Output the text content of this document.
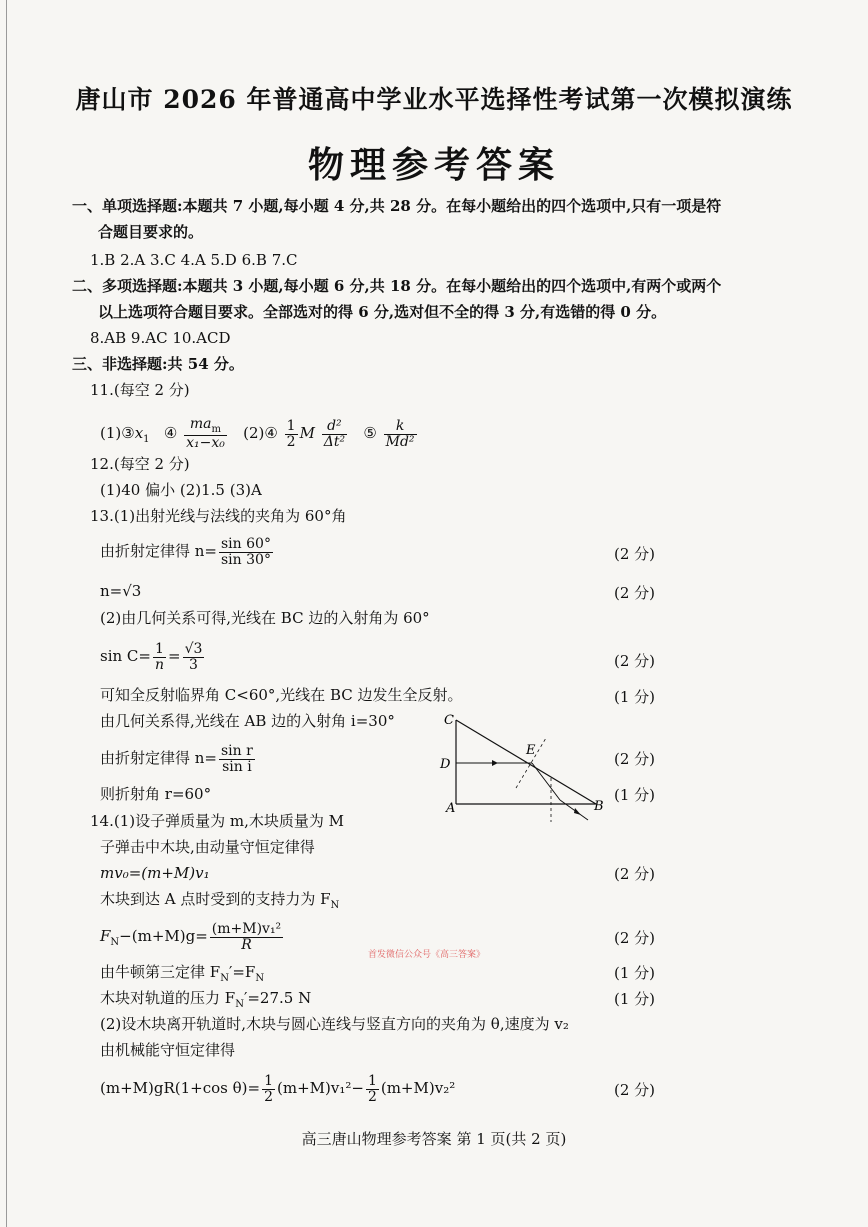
唐山市 2026 年普通高中学业水平选择性考试第一次模拟演练
物理参考答案
一、单项选择题:本题共 7 小题,每小题 4 分,共 28 分。在每小题给出的四个选项中,只有一项是符
合题目要求的。
1.B 2.A 3.C 4.A 5.D 6.B 7.C
二、多项选择题:本题共 3 小题,每小题 6 分,共 18 分。在每小题给出的四个选项中,有两个或两个
以上选项符合题目要求。全部选对的得 6 分,选对但不全的得 3 分,有选错的得 0 分。
8.AB 9.AC 10.ACD
三、非选择题:共 54 分。
11.(每空 2 分)
$(1)③x_1$ ④ $\frac{ma_m}{\text{x₁−x₀}}$ (2)④ $\frac{1}{2}$ M $\frac{\text{d²}}{\text{Δt²}}$ ⑤ $\frac{k}{\text{Md²}}$
12.(每空 2 分)
(1)40 偏小 (2)1.5 (3)A
13.(1)出射光线与法线的夹角为 60°角
由折射定律得 $n= \frac{\sin 60^\circ}{\sin 30^\circ}$	(2 分)
n=√3	(2 分)
(2)由几何关系可得,光线在 BC 边的入射角为 60°
$\sin C= \frac{1}{n} = \frac{√3}{3}$	(2 分)
可知全反射临界角 C<60°,光线在 BC 边发生全反射。	(1 分)
由几何关系得,光线在 AB 边的入射角 i=30°
由折射定律得 $n= \frac{\text{sin r}}{\text{sin i}}$	(2 分)
则折射角 r=60°	(1 分)
C
D
E
A	B
14.(1)设子弹质量为 m,木块质量为 M
子弹击中木块,由动量守恒定律得
mv₀=(m+M)v₁	(2 分)
木块到达 A 点时受到的支持力为 $F_N$
$F_N-(m+M)g= \frac{\text{(m+M)v₁²}}{R}$	(2 分)
首发微信公众号《高三答案》
由牛顿第三定律 $F_N'=F_N$	(1 分)
木块对轨道的压力 $F_N'=27.5$ N	(1 分)
(2)设木块离开轨道时,木块与圆心连线与竖直方向的夹角为 θ,速度为 v₂
由机械能守恒定律得
(m+M)gR(1+cos $\theta)= \frac{1}{2} (m+M)v_1^2- \frac{1}{2} (m+M)v_2^2$	(2 分)
高三唐山物理参考答案 第 1 页(共 2 页)
